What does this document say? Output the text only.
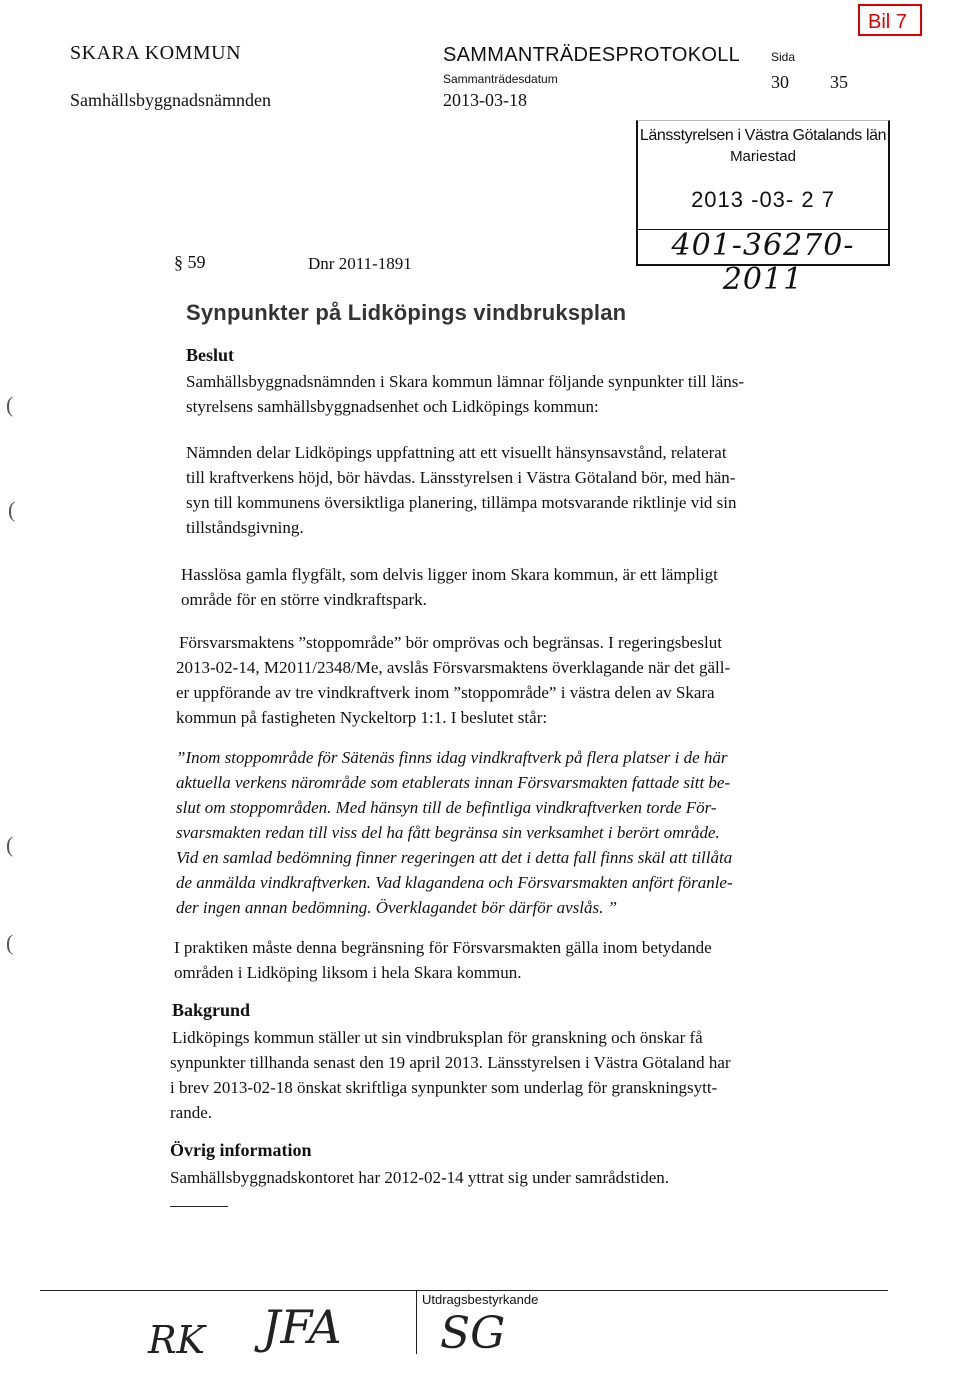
SKARA KOMMUN
Samhällsbyggnadsnämnden
SAMMANTRÄDESPROTOKOLL
Sammanträdesdatum
2013-03-18
Sida
30 35
Bil 7
Länsstyrelsen i Västra Götalands län
Mariestad
2013 -03- 2 7
401-36270-2011
§ 59	Dnr 2011-1891
Synpunkter på Lidköpings vindbruksplan
Beslut
Samhällsbyggnadsnämnden i Skara kommun lämnar följande synpunkter till läns-
styrelsens samhällsbyggnadsenhet och Lidköpings kommun:
Nämnden delar Lidköpings uppfattning att ett visuellt hänsynsavstånd, relaterat
till kraftverkens höjd, bör hävdas. Länsstyrelsen i Västra Götaland bör, med hän-
syn till kommunens översiktliga planering, tillämpa motsvarande riktlinje vid sin
tillståndsgivning.
Hasslösa gamla flygfält, som delvis ligger inom Skara kommun, är ett lämpligt
område för en större vindkraftspark.
Försvarsmaktens ”stoppområde” bör omprövas och begränsas. I regeringsbeslut
2013-02-14, M2011/2348/Me, avslås Försvarsmaktens överklagande när det gäll-
er uppförande av tre vindkraftverk inom ”stoppområde” i västra delen av Skara
kommun på fastigheten Nyckeltorp 1:1. I beslutet står:
”Inom stoppområde för Sätenäs finns idag vindkraftverk på flera platser i de här
aktuella verkens närområde som etablerats innan Försvarsmakten fattade sitt be-
slut om stoppområden. Med hänsyn till de befintliga vindkraftverken torde För-
svarsmakten redan till viss del ha fått begränsa sin verksamhet i berört område.
Vid en samlad bedömning finner regeringen att det i detta fall finns skäl att tillåta
de anmälda vindkraftverken. Vad klagandena och Försvarsmakten anfört föranle-
der ingen annan bedömning. Överklagandet bör därför avslås. ”
I praktiken måste denna begränsning för Försvarsmakten gälla inom betydande
områden i Lidköping liksom i hela Skara kommun.
Bakgrund
Lidköpings kommun ställer ut sin vindbruksplan för granskning och önskar få
synpunkter tillhanda senast den 19 april 2013. Länsstyrelsen i Västra Götaland har
i brev 2013-02-18 önskat skriftliga synpunkter som underlag för granskningsytt-
rande.
Övrig information
Samhällsbyggnadskontoret har 2012-02-14 yttrat sig under samrådstiden.
Utdragsbestyrkande
RK JFA SG
(
(
(
(
